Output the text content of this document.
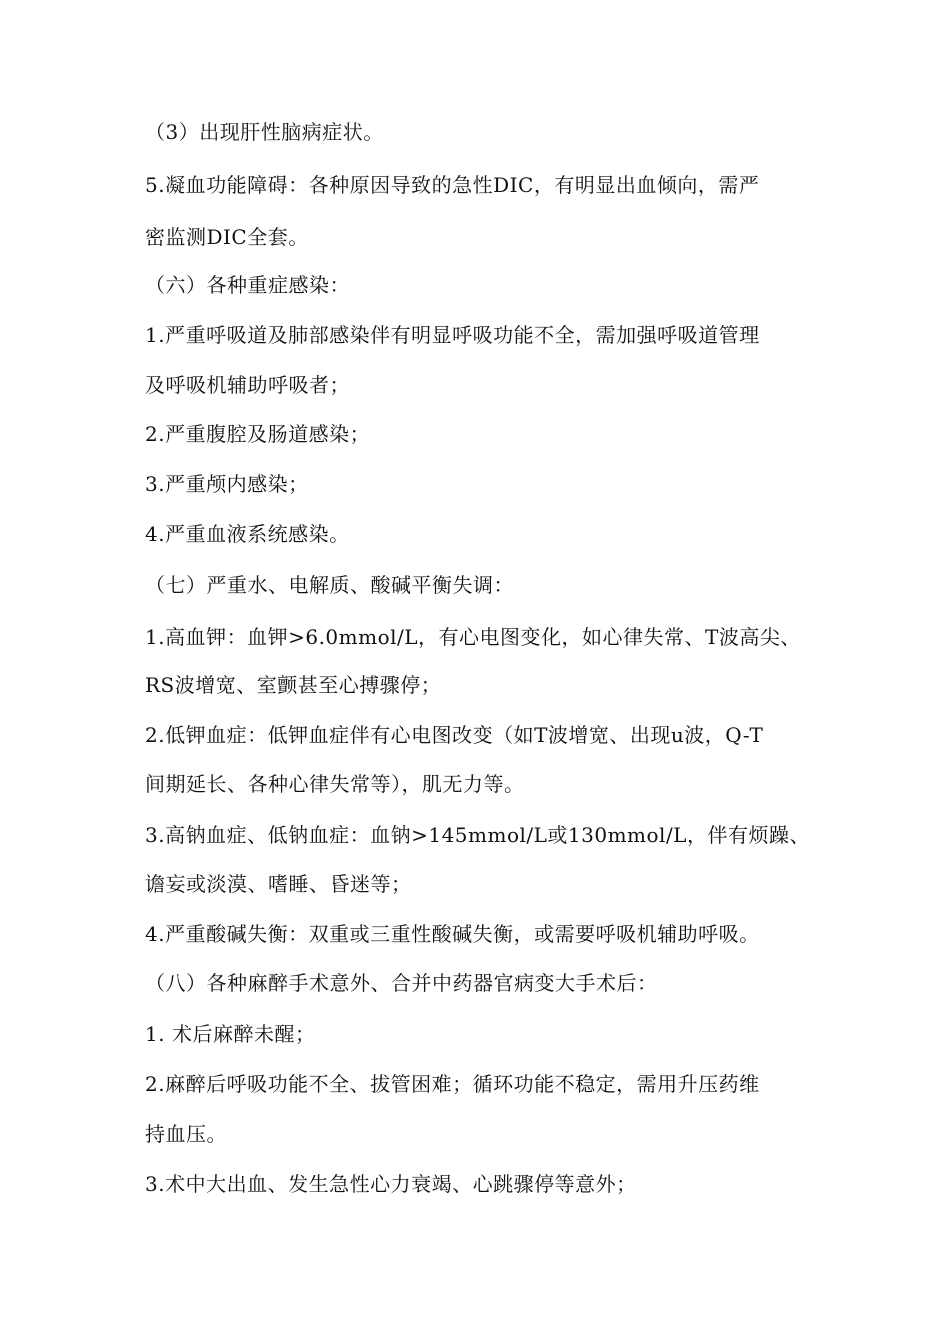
（3）出现肝性脑病症状。
5.凝血功能障碍：各种原因导致的急性DIC，有明显出血倾向，需严
密监测DIC全套。
（六）各种重症感染：
1.严重呼吸道及肺部感染伴有明显呼吸功能不全，需加强呼吸道管理
及呼吸机辅助呼吸者；
2.严重腹腔及肠道感染；
3.严重颅内感染；
4.严重血液系统感染。
（七）严重水、电解质、酸碱平衡失调：
1.高血钾：血钾>6.0mmol/L，有心电图变化，如心律失常、T波高尖、
RS波增宽、室颤甚至心搏骤停；
2.低钾血症：低钾血症伴有心电图改变（如T波增宽、出现u波，Q-T
间期延长、各种心律失常等），肌无力等。
3.高钠血症、低钠血症：血钠>145mmol/L或130mmol/L，伴有烦躁、
谵妄或淡漠、嗜睡、昏迷等；
4.严重酸碱失衡：双重或三重性酸碱失衡，或需要呼吸机辅助呼吸。
（八）各种麻醉手术意外、合并中药器官病变大手术后：
1. 术后麻醉未醒；
2.麻醉后呼吸功能不全、拔管困难；循环功能不稳定，需用升压药维
持血压。
3.术中大出血、发生急性心力衰竭、心跳骤停等意外；
